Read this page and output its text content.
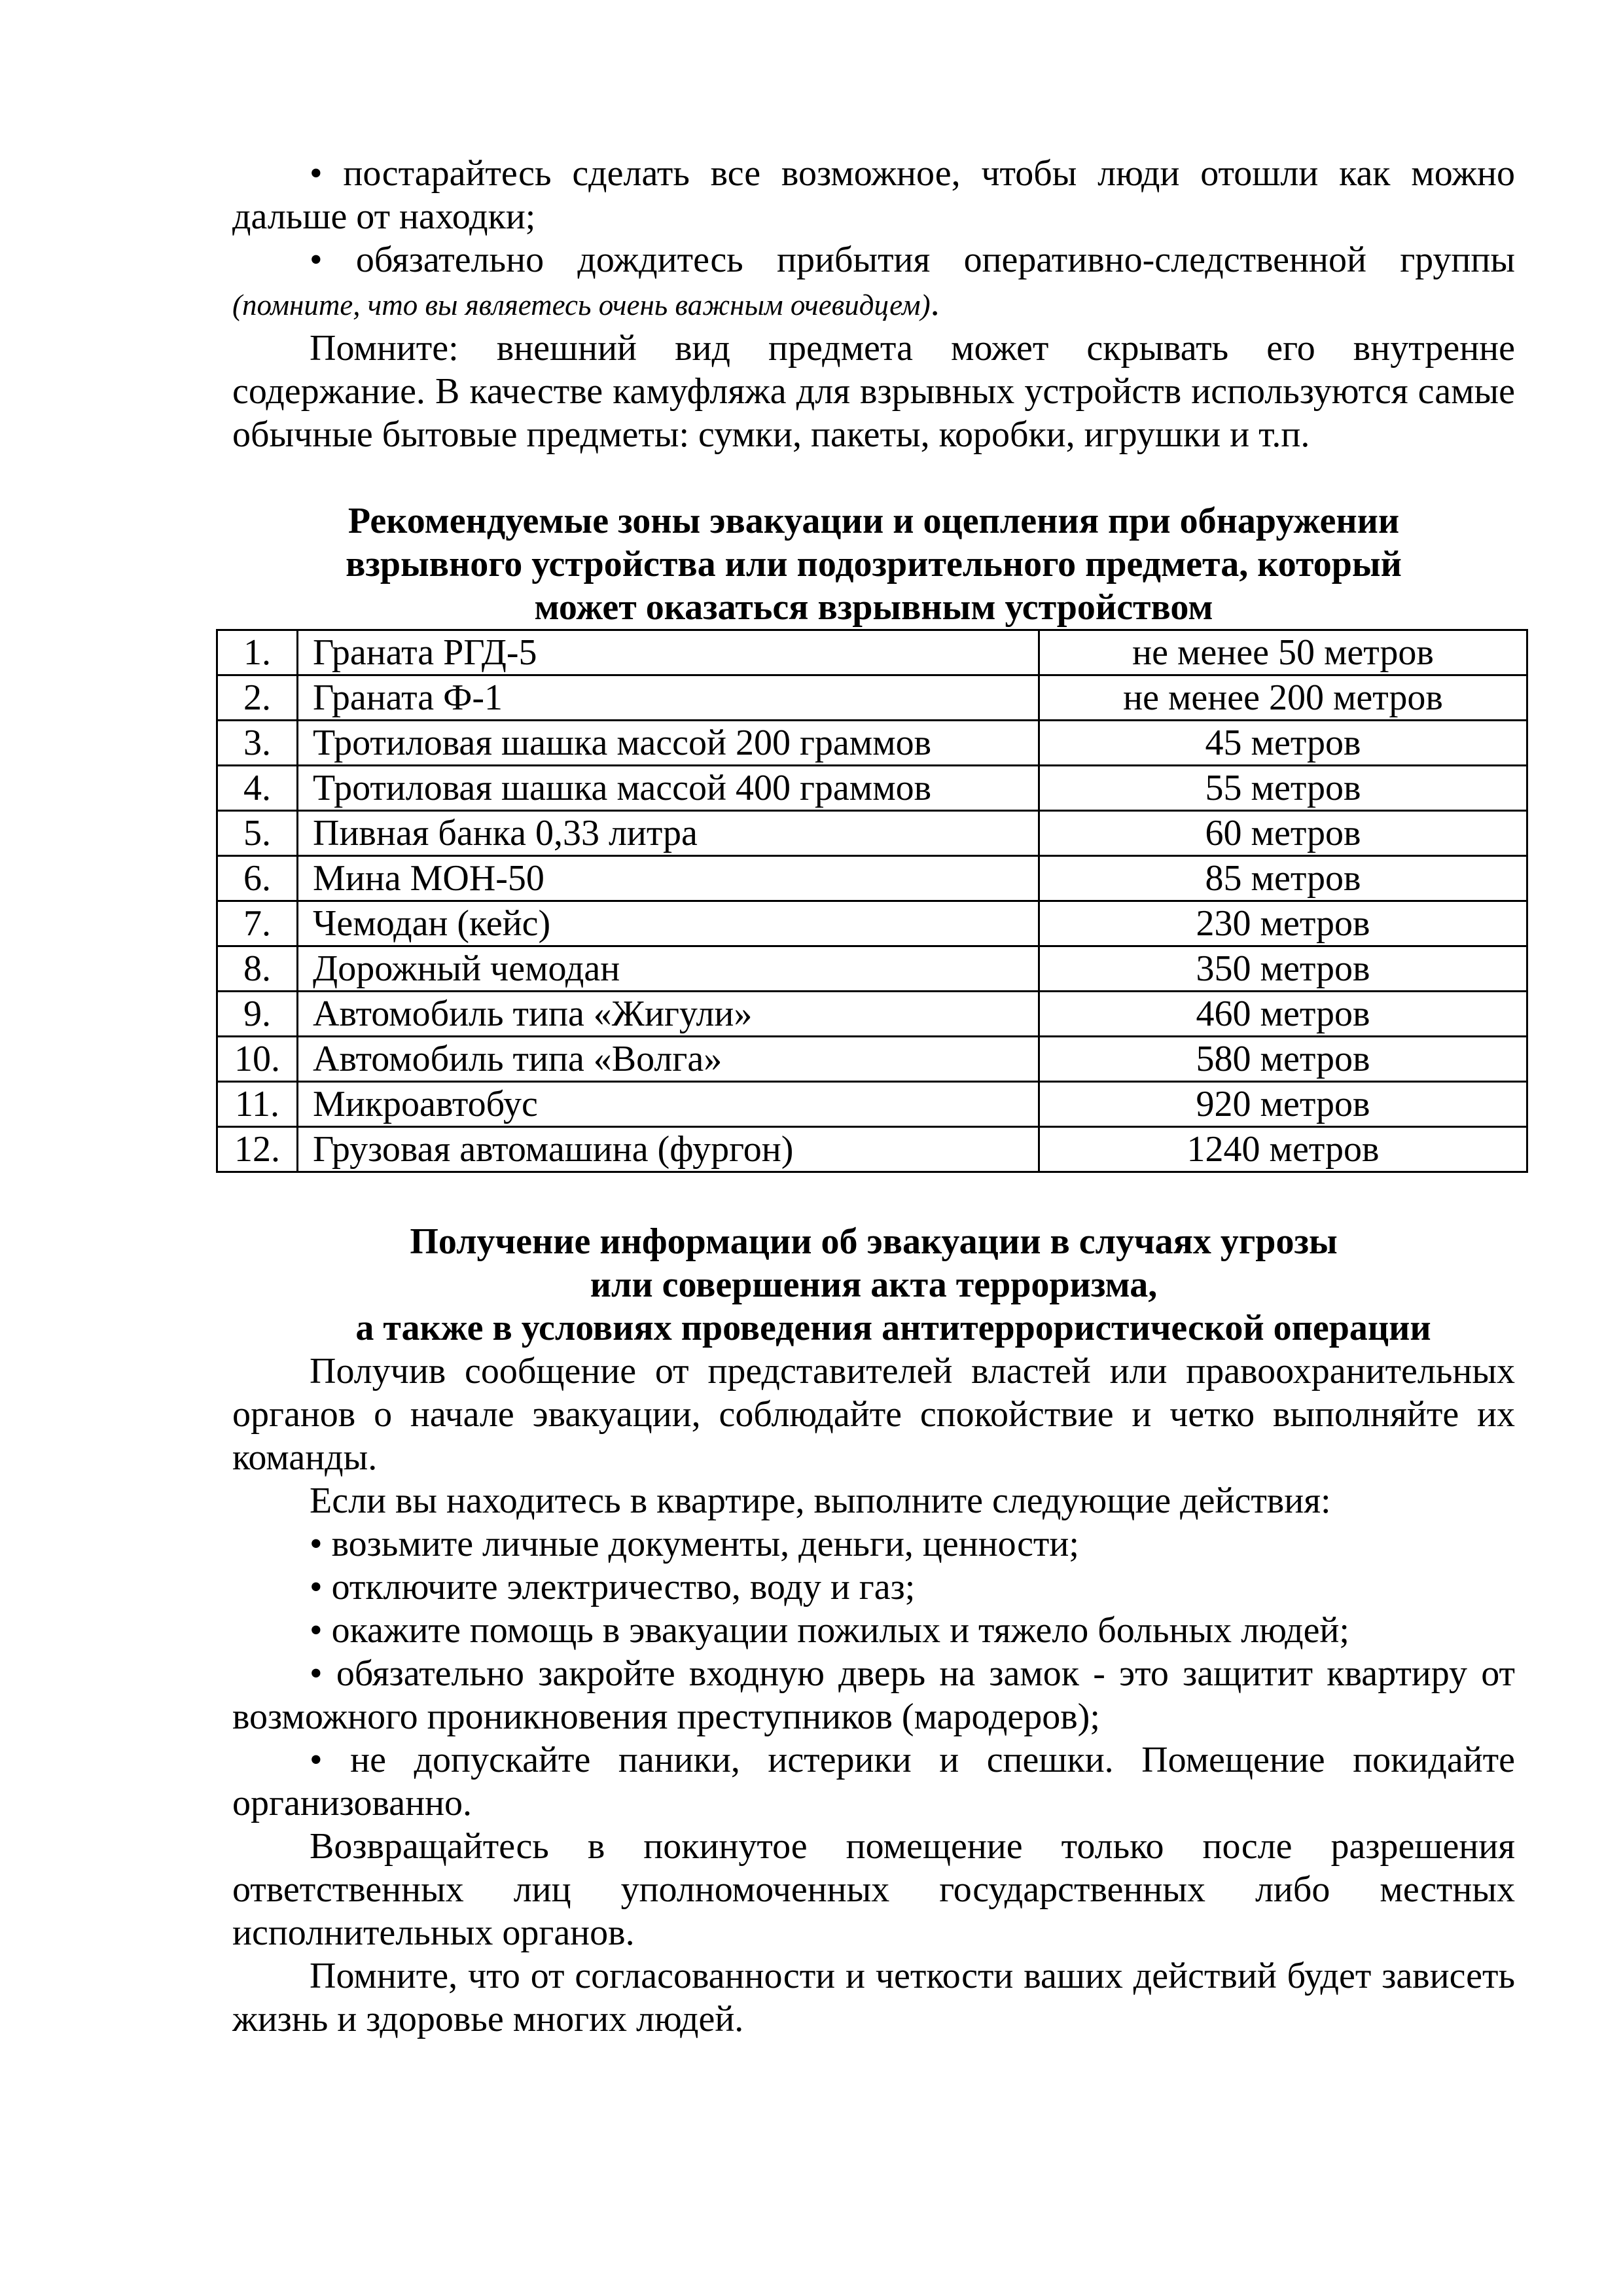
• постарайтесь сделать все возможное, чтобы люди отошли как можно дальше от находки;

• обязательно дождитесь прибытия оперативно-следственной группы (помните, что вы являетесь очень важным очевидцем).

Помните: внешний вид предмета может скрывать его внутренне содержание. В качестве камуфляжа для взрывных устройств используются самые обычные бытовые предметы: сумки, пакеты, коробки, игрушки и т.п.

Рекомендуемые зоны эвакуации и оцепления при обнаружении
взрывного устройства или подозрительного предмета, который
может оказаться взрывным устройством
1.	Граната РГД-5	не менее 50 метров
2.	Граната Ф-1	не менее 200 метров
3.	Тротиловая шашка массой 200 граммов	45 метров
4.	Тротиловая шашка массой 400 граммов	55 метров
5.	Пивная банка 0,33 литра	60 метров
6.	Мина МОН-50	85 метров
7.	Чемодан (кейс)	230 метров
8.	Дорожный чемодан	350 метров
9.	Автомобиль типа «Жигули»	460 метров
10.	Автомобиль типа «Волга»	580 метров
11.	Микроавтобус	920 метров
12.	Грузовая автомашина (фургон)	1240 метров
Получение информации об эвакуации в случаях угрозы
или совершения акта терроризма,
а также в условиях проведения антитеррористической операции

Получив сообщение от представителей властей или правоохранительных органов о начале эвакуации, соблюдайте спокойствие и четко выполняйте их команды.

Если вы находитесь в квартире, выполните следующие действия:

• возьмите личные документы, деньги, ценности;

• отключите электричество, воду и газ;

• окажите помощь в эвакуации пожилых и тяжело больных людей;

• обязательно закройте входную дверь на замок - это защитит квартиру от возможного проникновения преступников (мародеров);

• не допускайте паники, истерики и спешки. Помещение покидайте организованно.

Возвращайтесь в покинутое помещение только после разрешения ответственных лиц уполномоченных государственных либо местных исполнительных органов.

Помните, что от согласованности и четкости ваших действий будет зависеть жизнь и здоровье многих людей.
